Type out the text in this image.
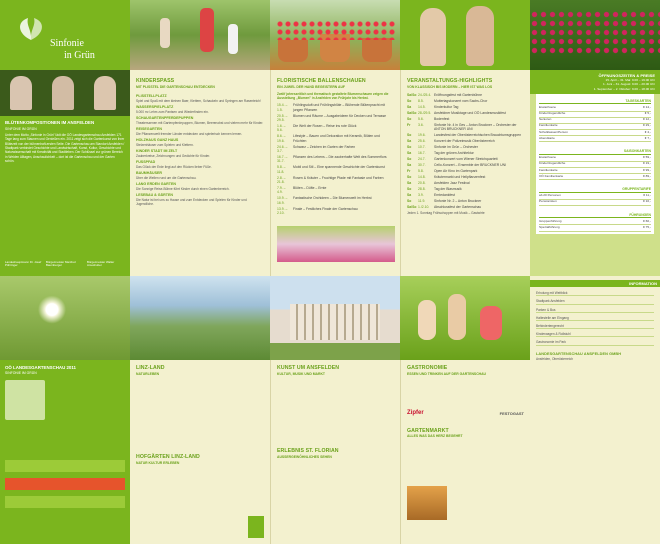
Sinfonie
in Grün
BLÜTENKOMPOSITIONEN IM ANSFELDEN
SINFONIE IM GRÜN
Unter dem Motto „Sinfonie in Grün" lädt die OÖ Landesgartenschau Ansfelden 171 Tage lang zum Staunen und Genießen ein. 2011 zeigt sich die Gartenkunst von ihrer Blütezeit von der bühnenhaft-ersten Seite. Die Gartenschau am Standort Ansfelden / Stadtpark verbindet Geschichte und Landwirtschaft, Kunst, Kultur, Geschichte und Naturwissenschaft mit Kreativität und Stadtleben. Der Schlüssel zur grünen Bereich in Weiden Alltagen, Anschaulichkeit – dort ist die Gartenschau und der Garten schön.
Landeshauptmann Dr. Josef Pühringer
Bürgermeister Manfred Baumberger
Bürgermeister Walter Ameshuber
KINDERSPASS
MIT PLISSTEL DIE GARTENSCHAU ENTDECKEN
PLISSTELLPLATZ
Spiel und Spaß mit dem kleinen Baer, Klettern, Schaukeln und Springen am Rasenteich!
WASSERSPIELPLATZ
5.000 m² Lehm zum Pantsen und Wiederfinden ein.
SCHAUGARTENPFERDEPUPPEN
Theaterszenen mit Gartenpferdepuppen, Blumen, Beerenobst und vielem mehr für Kinder.
REISEGARTEN
Die Pflanzenwelt fremder Länder entdecken und spielerisch kennen lernen.
HOLZHAUS GANZ HAUS
Stelzenhäuser zum Spielen und Klettern.
KINDER STADT IM ZELT
Zauberkreise, Zeichnungen und Gedichte für Kinder.
FUSSPFAD
Das Glück der Erde liegt auf den Rücken lieber Füße.
BAUMHÄUSER
Über die Wellen rund um die Gartenschau.
LANG ERDEN GARTEN
Die Sonnige Reise-Bühne führt Kinder durch einen Gartenbereich.
LESEBAU & GÄRTEN
Die Natur ist bei uns zu Hause und zum Entdecken und Spielen für Kinder und Jugendliche.
FLORISTISCHE BALLENSCHAUEN
EIN JUWEL DER HAND BEGEISTERN AUF
Zwölf jahreszeitlich und thematisch gestaltete Blumenschauen zeigen die Ausstellung „Blumen" in Ansfelden von Frühjahr bis Herbst.
15.4. – 1.5.
Frühlingsduft und Frühlingsblüte – Blühende Blütenpracht mit jungen Pflanzen
20.5. – 29.5.
Blumen und Räume – Ausgabeideen für Decken und Terrasse
1.6. – 5.6.
Die Welt der Rosen – Reise ins rote Glück
8.6. – 19.6.
Lifestyle – Bauen und Dekoration mit Keramik, Blüten und Früchten
24.6. – 3.7.
Schwarz – Zeichen im Garten der Farben
16.7. – 31.7.
Pflanzen des Lebens – Die zauberhafte Welt des Sommerflors
5.8. – 11.8.
Mobil und Stil – Eine spannende Geschichte der Gartenkunst
2.8. – 21.8.
Rosen & Kräuter – Fruchtige Pfade mit Fantasie und Farben
7.9. – 4.9.
Blüten – Düfte – Ernte
10.9. – 16.9.
Fantastische Orchideen – Die Blumenwelt im Herbst
13.9. – 2.10.
Finale – Festliches Finale der Gartenschau
VERANSTALTUNGS-HIGHLIGHTS
VON KLASSISCH BIS MODERN – HIER IST WAS LOS
Sa/So 24./25.4. Eröffnungsfest mit Gartenbühne
So	8.5.	Muttertagskonzert vom Sachs-Chor
Sa	14.5.	Kinderkultur Tag
Sa/So 28./29.5. Ansfeldner Musiktage und OÖ Landesmusikfest
So	5.6.	Bodenfest
Fr	3.6.	Sinfonie Nr. 4 in Ges – Anton Bruckner – Orchester der ANTON BRUCKNER UNI
So	19.6.	Landesfest der Oberösterreichischen Brauchtumsgruppen
Sa	25.6.	Konzert der Polizeimusik Oberösterreich
So	10.7.	Sinfonie im Grün – Orchester
Sa	16.7.	Tag der grünen Architektur
So	24.7.	Gartenkonzert vom Wiener Streichquartett
Sa	30.7.	Cello-Konzert – Ensemble der BRUCKNER UNI
Fr	5.8.	Open Air Kino im Gartenpark
So	14.8.	Kräutermarkt und Heilpflanzenfest
Sa	20.8.	Ansfelden Jazz Festival
So	28.8.	Tag der Blasmusik
Sa	3.9.	Erntedankfest
So	11.9.	Sinfonie Nr. 2 – Anton Bruckner
Sa/So 1./2.10.	Abschlussfest der Gartenschau
Jeden 1. Sonntag Frühschoppen mit Musik – Gastwirte
ÖFFNUNGSZEITEN & PREISE
15. April – 31. Mai: 9.00 – 19.00 Uhr
1. Juni – 31. August: 9.00 – 20.00 Uhr
1. September – 2. Oktober: 9.00 – 18.00 Uhr
TAGESKARTEN
Erwachsene	€ 14,-
Kinder/Jugendliche	€ 5,-
Senioren	€ 12,-
Familienkarte	€ 29,-
Schulklassen/Person	€ 4,-
Abendkarte	€ 7,-
SAISONKARTEN
Erwachsene	€ 59,-
Kinder/Jugendliche	€ 19,-
Familienkarte	€ 99,-
OÖ Familienkarte	€ 89,-
GRUPPENTARIFE
ab 20 Personen	€ 11,-
Pensionisten	€ 10,-
FÜHRUNGEN
Gruppenführung	€ 60,-
Spezialführung	€ 75,-
INFORMATION
Erholung mit Weitblick
Stadtpark Ansfelden
Parken & Bus
Haltestelle am Eingang
Behindertengerecht
Kinderwagen & Rollstuhl
Gastronomie im Park
LANDESGARTENSCHAU ANSFELDEN GMBH
Ansfelden, Oberösterreich
OÖ LANDESGARTENSCHAU 2011
SINFONIE IM GRÜN
LINZ-LAND
NATURLEBEN
HOFGÄRTEN LINZ-LAND
NATUR KULTUR ERLEBEN
KUNST UM ANSFELDEN
KULTUR, MUSIK UND MARKT
ERLEBNIS ST. FLORIAN
AUSSERGEWÖHNLICHES SEHEN
GASTRONOMIE
ESSEN UND TRINKEN AUF DER GARTENSCHAU
Zipfer	FESTOGAST
GARTENMARKT
ALLES WAS DAS HERZ BEGEHRT
